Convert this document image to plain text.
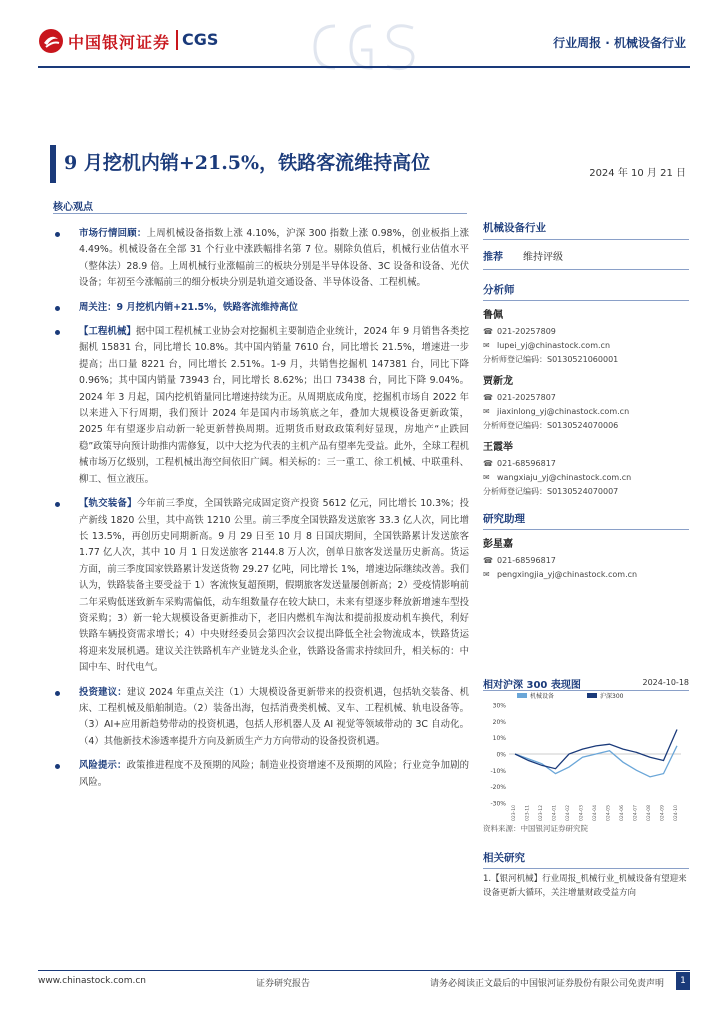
中国银河证券 CGS	行业周报 · 机械设备行业
9 月挖机内销+21.5%，铁路客流维持高位	2024 年 10 月 21 日
核心观点
市场行情回顾：上周机械设备指数上涨 4.10%，沪深 300 指数上涨 0.98%，创业板指上涨 4.49%。机械设备在全部 31 个行业中涨跌幅排名第 7 位。剔除负值后，机械行业估值水平（整体法）28.9 倍。上周机械行业涨幅前三的板块分别是半导体设备、3C 设备和设备、光伏设备；年初至今涨幅前三的细分板块分别是轨道交通设备、半导体设备、工程机械。
周关注：9 月挖机内销+21.5%，铁路客流维持高位
【工程机械】据中国工程机械工业协会对挖掘机主要制造企业统计，2024 年 9 月销售各类挖掘机 15831 台，同比增长 10.8%。其中国内销量 7610 台，同比增长 21.5%，增速进一步提高；出口量 8221 台，同比增长 2.51%。1-9 月，共销售挖掘机 147381 台，同比下降 0.96%；其中国内销量 73943 台，同比增长 8.62%；出口 73438 台，同比下降 9.04%。2024 年 3 月起，国内挖机销量同比增速持续为正。从周期底成角度，挖掘机市场自 2022 年以来进入下行周期，我们预计 2024 年是国内市场筑底之年，叠加大规模设备更新政策，2025 年有望逐步启动新一轮更新替换周期。近期货币财政政策利好显现，房地产“止跌回稳”政策导向预计助推内需修复，以中大挖为代表的主机产品有望率先受益。此外，全球工程机械市场万亿级别，工程机械出海空间依旧广阔。相关标的：三一重工、徐工机械、中联重科、柳工、恒立液压。
【轨交装备】今年前三季度，全国铁路完成固定资产投资 5612 亿元，同比增长 10.3%；投产新线 1820 公里，其中高铁 1210 公里。前三季度全国铁路发送旅客 33.3 亿人次，同比增长 13.5%，再创历史同期新高。9 月 29 日至 10 月 8 日国庆期间，全国铁路累计发送旅客 1.77 亿人次，其中 10 月 1 日发送旅客 2144.8 万人次，创单日旅客发送量历史新高。货运方面，前三季度国家铁路累计发送货物 29.27 亿吨，同比增长 1%，增速边际继续改善。我们认为，铁路装备主要受益于 1）客流恢复超预期，假期旅客发送量屡创新高；2）受疫情影响前二年采购低迷致新车采购需偏低，动车组数量存在较大缺口，未来有望逐步释放新增速车型投资采购；3）新一轮大规模设备更新推动下，老旧内燃机车淘汰和提前报废动机车换代，利好铁路车辆投资需求增长；4）中央财经委员会第四次会议提出降低全社会物流成本，铁路货运将迎来发展机遇。建议关注铁路机车产业链龙头企业，铁路设备需求持续回升，相关标的：中国中车、时代电气。
投资建议：建议 2024 年重点关注（1）大规模设备更新带来的投资机遇，包括轨交装备、机床、工程机械及船舶制造。（2）装备出海，包括消费类机械、叉车、工程机械、轨电设备等。（3）AI+应用新趋势带动的投资机遇，包括人形机器人及 AI 视觉等领域带动的 3C 自动化。（4）其他新技术渗透率提升方向及新质生产力方向带动的设备投资机遇。
风险提示：政策推进程度不及预期的风险；制造业投资增速不及预期的风险；行业竞争加剧的风险。
机械设备行业
推荐 维持评级
分析师
鲁佩
☎ 021-20257809
✉ lupei_yj@chinastock.com.cn
分析师登记编码：S0130521060001
贾新龙
☎ 021-20257807
✉ jiaxinlong_yj@chinastock.com.cn
分析师登记编码：S0130524070006
王霞举
☎ 021-68596817
✉ wangxiaju_yj@chinastock.com.cn
分析师登记编码：S0130524070007
研究助理
彭星嘉
☎ 021-68596817
✉ pengxingjia_yj@chinastock.com.cn
相对沪深 300 表现图	2024-10-18
30%
20%
10%
0%
-10%
-20%
-30%
2023-10 2023-11 2023-12 2024-01 2024-02 2024-03 2024-04 2024-05 2024-06 2024-07 2024-08 2024-09 2024-10
机械设备	沪深300
资料来源：中国银河证券研究院
相关研究
1.【银河机械】行业周报_机械行业_机械设备有望迎来设备更新大循环，关注增量财政受益方向
www.chinastock.com.cn	证券研究报告	请务必阅读正文最后的中国银河证券股份有限公司免责声明	1
